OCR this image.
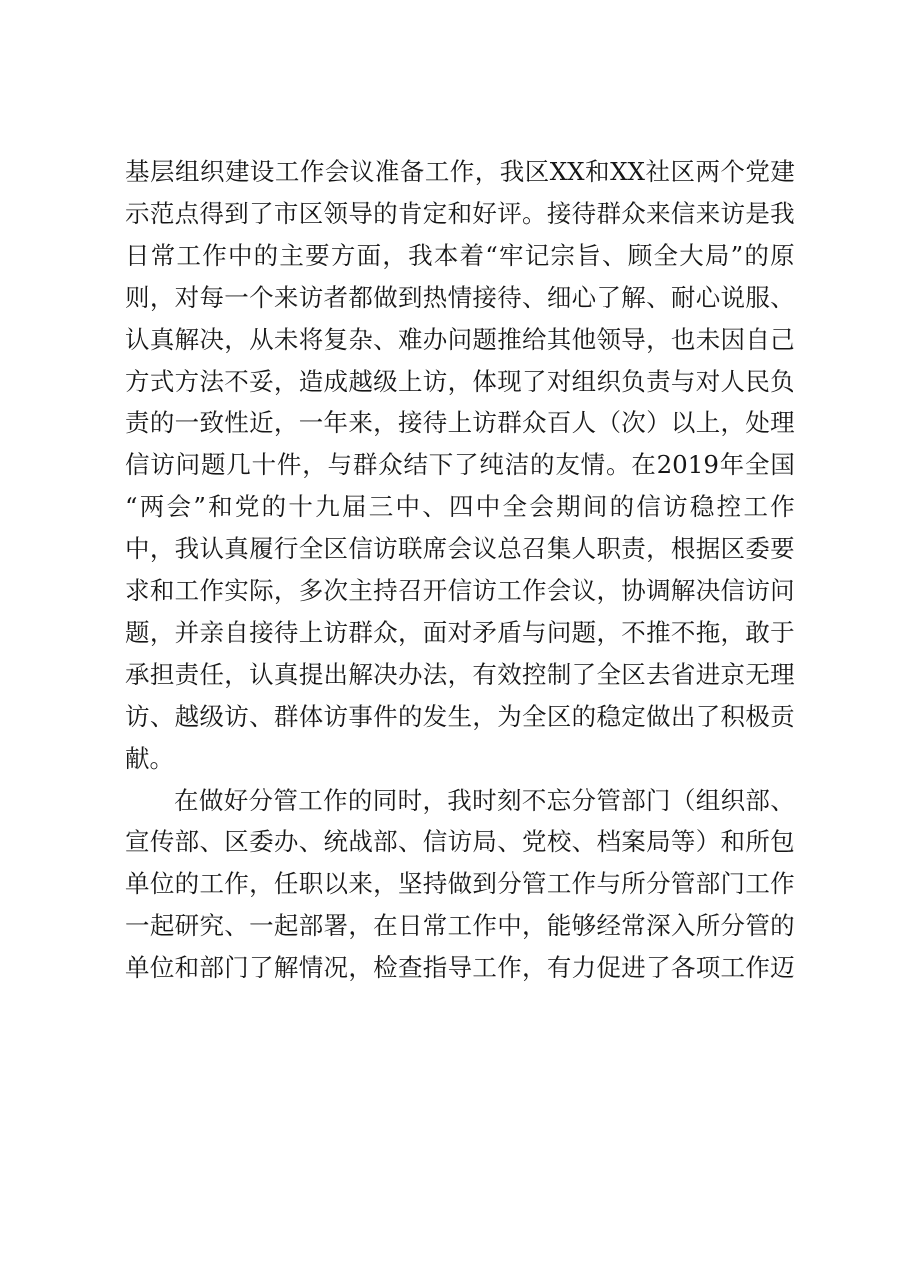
基 层 组 织 建 设 工 作 会 议 准 备 工 作 ， 我 区 XX 和 XX 社 区 两 个 党 建
示 范 点 得 到 了 市 区 领 导 的 肯 定 和 好 评 。 接 待 群 众 来 信 来 访 是 我
日 常 工 作 中 的 主 要 方 面 ， 我 本 着 “ 牢 记 宗 旨 、 顾 全 大 局 ” 的 原
则 ， 对 每 一 个 来 访 者 都 做 到 热 情 接 待 、 细 心 了 解 、 耐 心 说 服 、
认 真 解 决 ， 从 未 将 复 杂 、 难 办 问 题 推 给 其 他 领 导 ， 也 未 因 自 己
方 式 方 法 不 妥 ， 造 成 越 级 上 访 ， 体 现 了 对 组 织 负 责 与 对 人 民 负
责 的 一 致 性 近 ， 一 年 来 ， 接 待 上 访 群 众 百 人 （ 次 ） 以 上 ， 处 理
信 访 问 题 几 十 件 ， 与 群 众 结 下 了 纯 洁 的 友 情 。 在 2019 年 全 国
“ 两 会 ” 和 党 的 十 九 届 三 中 、 四 中 全 会 期 间 的 信 访 稳 控 工 作
中 ， 我 认 真 履 行 全 区 信 访 联 席 会 议 总 召 集 人 职 责 ， 根 据 区 委 要
求 和 工 作 实 际 ， 多 次 主 持 召 开 信 访 工 作 会 议 ， 协 调 解 决 信 访 问
题 ， 并 亲 自 接 待 上 访 群 众 ， 面 对 矛 盾 与 问 题 ， 不 推 不 拖 ， 敢 于
承 担 责 任 ， 认 真 提 出 解 决 办 法 ， 有 效 控 制 了 全 区 去 省 进 京 无 理
访 、 越 级 访 、 群 体 访 事 件 的 发 生 ， 为 全 区 的 稳 定 做 出 了 积 极 贡
献 。
在 做 好 分 管 工 作 的 同 时 ， 我 时 刻 不 忘 分 管 部 门 （ 组 织 部 、
宣 传 部 、 区 委 办 、 统 战 部 、 信 访 局 、 党 校 、 档 案 局 等 ） 和 所 包
单 位 的 工 作 ， 任 职 以 来 ， 坚 持 做 到 分 管 工 作 与 所 分 管 部 门 工 作
一 起 研 究 、 一 起 部 署 ， 在 日 常 工 作 中 ， 能 够 经 常 深 入 所 分 管 的
单 位 和 部 门 了 解 情 况 ， 检 查 指 导 工 作 ， 有 力 促 进 了 各 项 工 作 迈
